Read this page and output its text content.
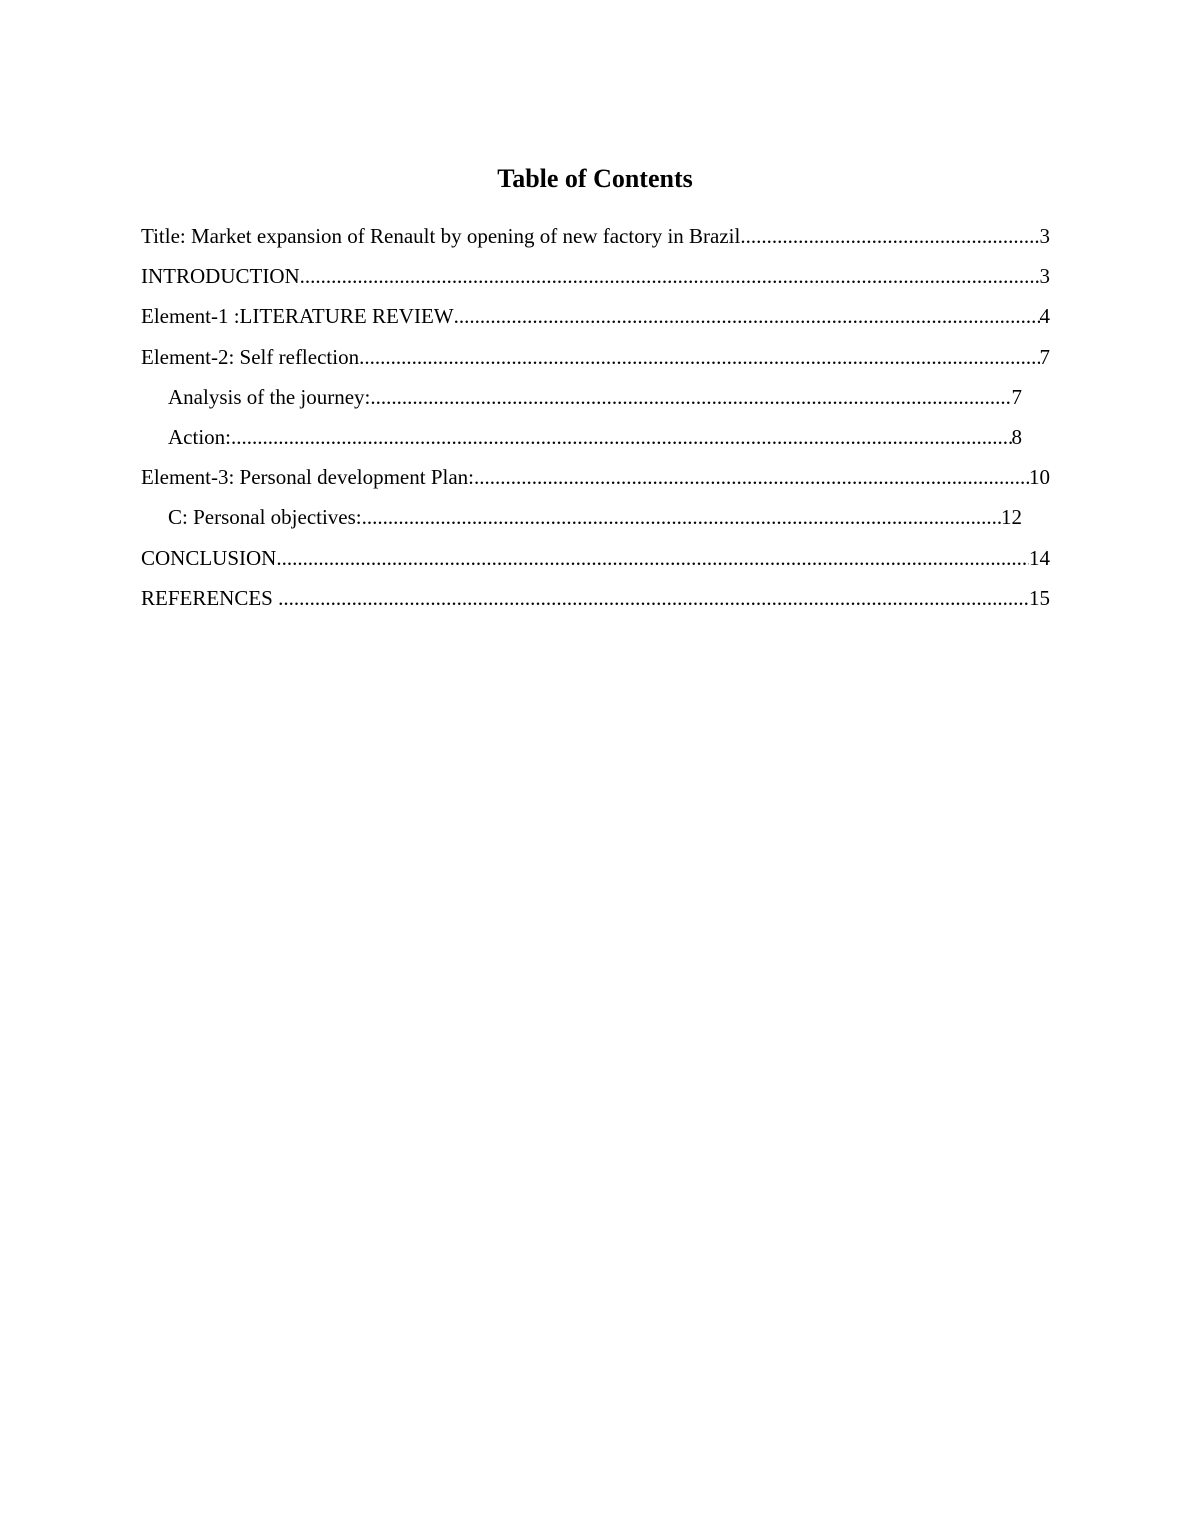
Table of Contents
Title: Market expansion of Renault by opening of new factory in Brazil .....	3
INTRODUCTION .....	3
Element-1 :LITERATURE REVIEW .....	4
Element-2: Self reflection .....	7
Analysis of the journey: .....	7
Action: .....	8
Element-3: Personal development Plan: .....	10
C: Personal objectives: .....	12
CONCLUSION .....	14
REFERENCES .....	15
